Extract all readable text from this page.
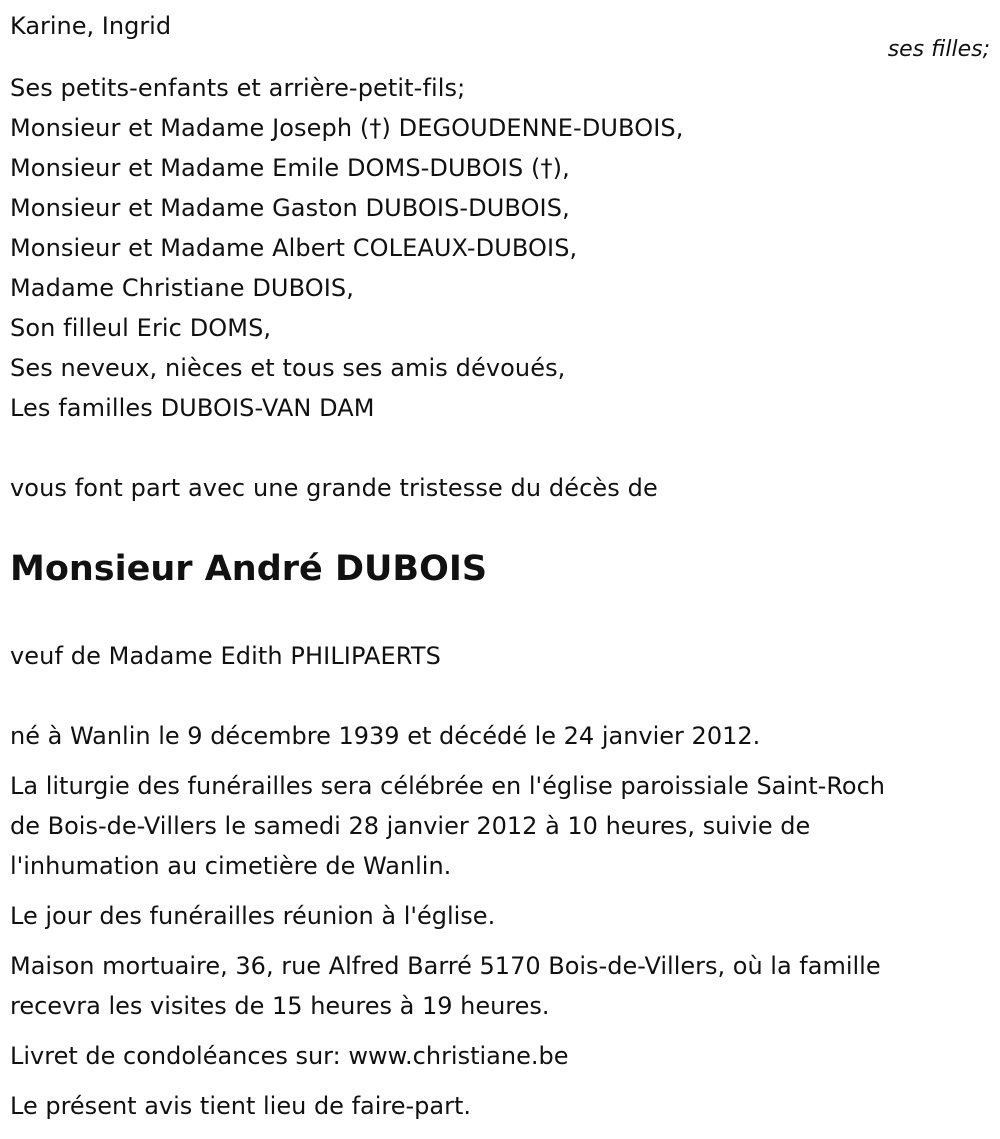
Karine, Ingrid
ses filles;
Ses petits-enfants et arrière-petit-fils;
Monsieur et Madame Joseph (†) DEGOUDENNE-DUBOIS,
Monsieur et Madame Emile DOMS-DUBOIS (†),
Monsieur et Madame Gaston DUBOIS-DUBOIS,
Monsieur et Madame Albert COLEAUX-DUBOIS,
Madame Christiane DUBOIS,
Son filleul Eric DOMS,
Ses neveux, nièces et tous ses amis dévoués,
Les familles DUBOIS-VAN DAM
vous font part avec une grande tristesse du décès de
Monsieur André DUBOIS
veuf de Madame Edith PHILIPAERTS
né à Wanlin le 9 décembre 1939 et décédé le 24 janvier 2012.
La liturgie des funérailles sera célébrée en l'église paroissiale Saint-Roch
de Bois-de-Villers le samedi 28 janvier 2012 à 10 heures, suivie de
l'inhumation au cimetière de Wanlin.
Le jour des funérailles réunion à l'église.
Maison mortuaire, 36, rue Alfred Barré 5170 Bois-de-Villers, où la famille
recevra les visites de 15 heures à 19 heures.
Livret de condoléances sur: www.christiane.be
Le présent avis tient lieu de faire-part.
